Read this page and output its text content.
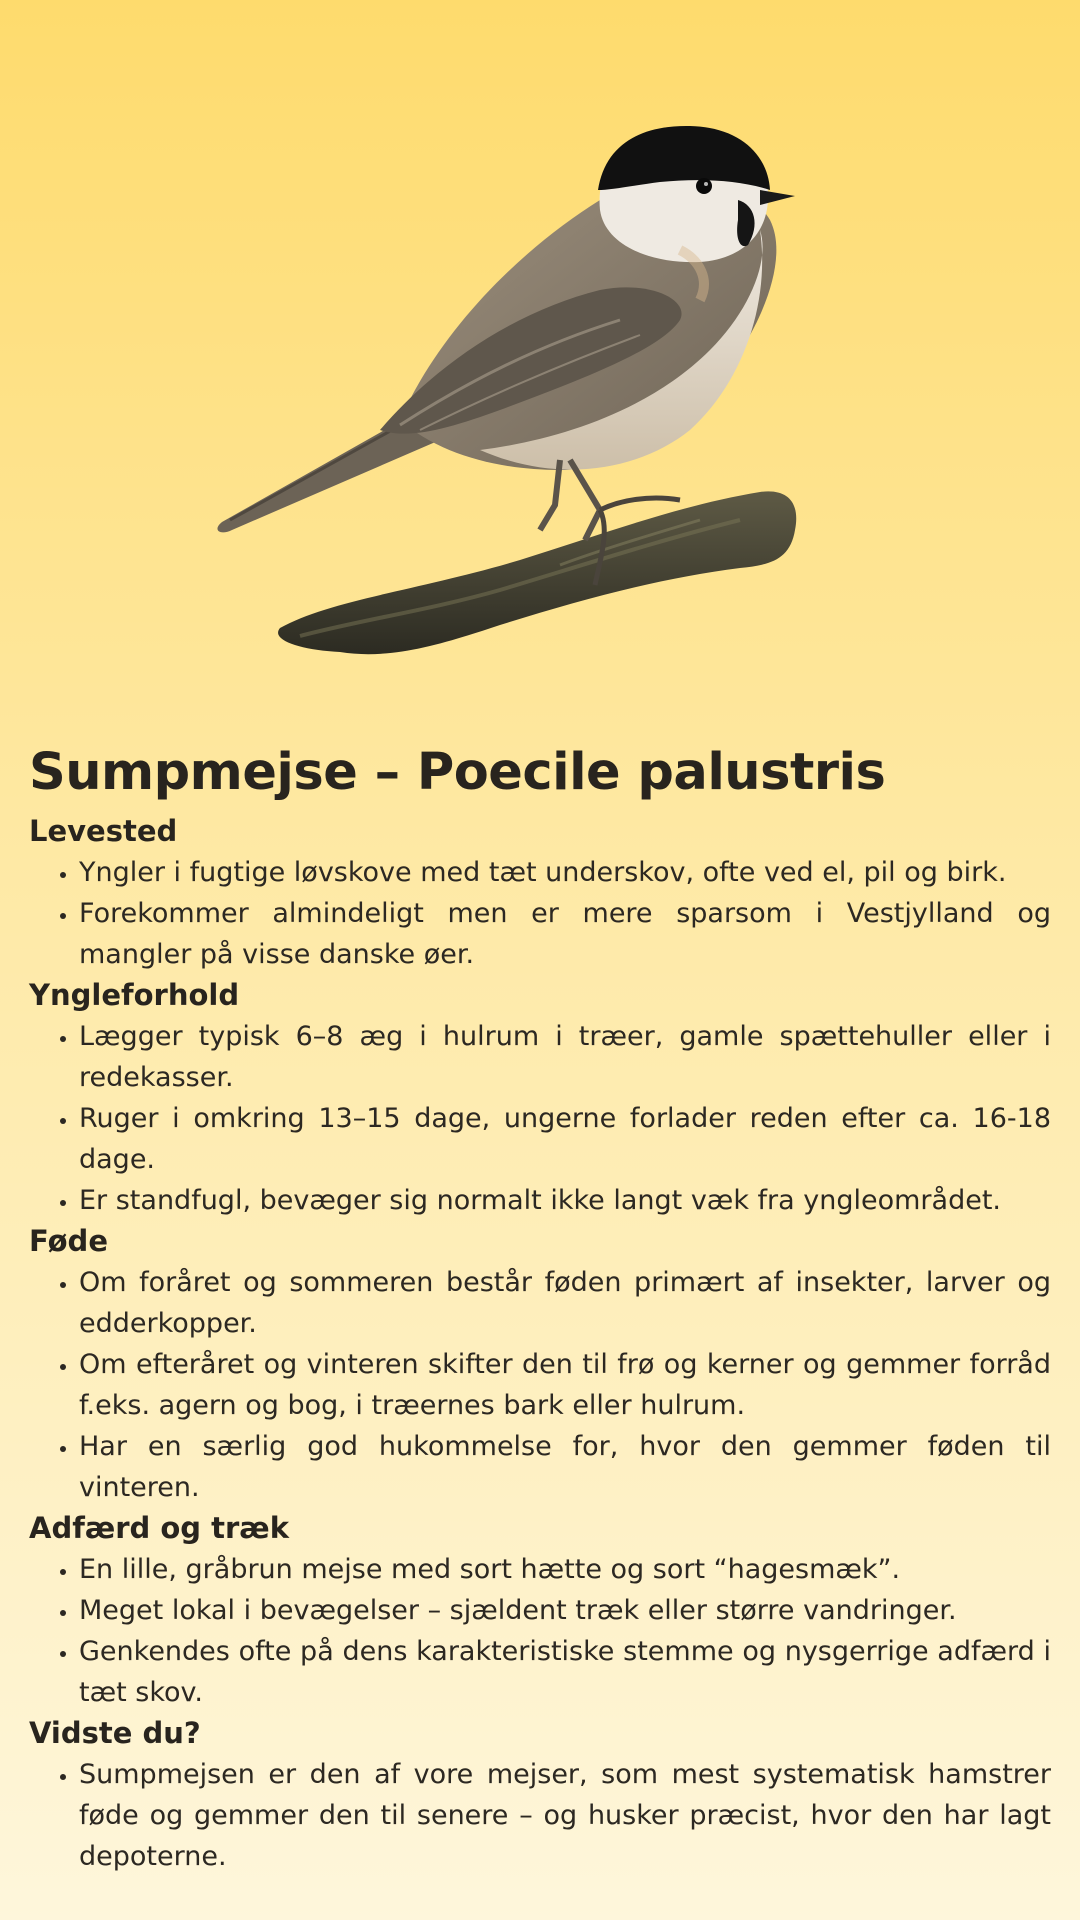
Sumpmejse – Poecile palustris
Levested
• Yngler i fugtige løvskove med tæt underskov, ofte ved el, pil og birk.
• Forekommer almindeligt men er mere sparsom i Vestjylland og mangler på visse danske øer.
Yngleforhold
• Lægger typisk 6–8 æg i hulrum i træer, gamle spættehuller eller i redekasser.
• Ruger i omkring 13–15 dage, ungerne forlader reden efter ca. 16-18 dage.
• Er standfugl, bevæger sig normalt ikke langt væk fra yngleområdet.
Føde
• Om foråret og sommeren består føden primært af insekter, larver og edderkopper.
• Om efteråret og vinteren skifter den til frø og kerner og gemmer forråd f.eks. agern og bog, i træernes bark eller hulrum.
• Har en særlig god hukommelse for, hvor den gemmer føden til vinteren.
Adfærd og træk
• En lille, gråbrun mejse med sort hætte og sort “hagesmæk”.
• Meget lokal i bevægelser – sjældent træk eller større vandringer.
• Genkendes ofte på dens karakteristiske stemme og nysgerrige adfærd i tæt skov.
Vidste du?
• Sumpmejsen er den af vore mejser, som mest systematisk hamstrer føde og gemmer den til senere – og husker præcist, hvor den har lagt depoterne.
